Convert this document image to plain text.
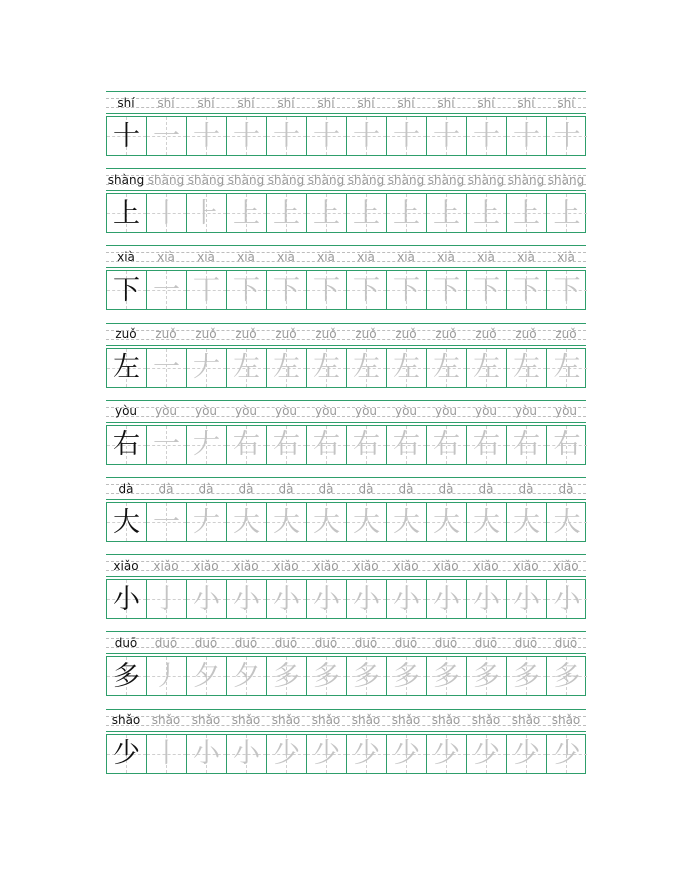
shí	shí	shí	shí	shí	shí	shí	shí	shí	shí	shí	shí
十 一 十 十 十 十 十 十 十 十 十 十
shàng shàng shàng shàng shàng shàng shàng shàng shàng shàng shàng shàng
上 丨 ⺊ 上 上 上 上 上 上 上 上 上
xià	xià	xià	xià	xià	xià	xià	xià	xià	xià	xià	xià
下 一 丅 下 下 下 下 下 下 下 下 下
zuǒ	zuǒ	zuǒ	zuǒ	zuǒ	zuǒ	zuǒ	zuǒ	zuǒ	zuǒ	zuǒ	zuǒ
左 一 𠂇 左 左 左 左 左 左 左 左 左
yòu	yòu	yòu	yòu	yòu	yòu	yòu	yòu	yòu	yòu	yòu	yòu
右 一 𠂇 右 右 右 右 右 右 右 右 右
dà	dà	dà	dà	dà	dà	dà	dà	dà	dà	dà	dà
大 一 𠂇 大 大 大 大 大 大 大 大 大
xiǎo	xiǎo	xiǎo	xiǎo	xiǎo	xiǎo	xiǎo	xiǎo	xiǎo	xiǎo	xiǎo	xiǎo
小 亅 小 小 小 小 小 小 小 小 小 小
duō	duō	duō	duō	duō	duō	duō	duō	duō	duō	duō	duō
多 丿 夕 夕 多 多 多 多 多 多 多 多
shǎo shǎo shǎo shǎo shǎo shǎo shǎo shǎo shǎo shǎo shǎo shǎo
少 丨 小 小 少 少 少 少 少 少 少 少
